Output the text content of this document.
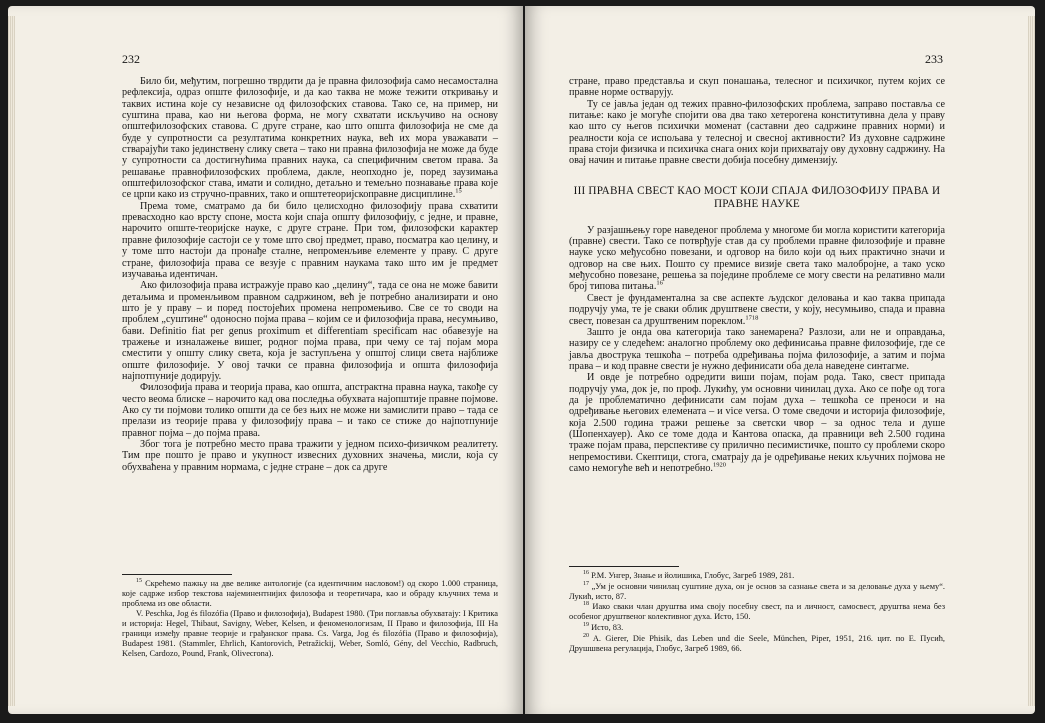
232

Било би, међутим, погрешно тврдити да је правна филозофија само несамостална рефлексија, одраз опште филозофије, и да као таква не може тежити откривању и таквих истина које су независне од филозофских ставова. Тако се, на пример, ни суштина права, као ни његова форма, не могу схватати искључиво на основу општефилозофских ставова. С друге стране, као што општа филозофија не сме да буде у супротности са резултатима конкретних наука, већ их мора уважавати – стварајући тако јединствену слику света – тако ни правна филозофија не може да буде у супротности са достигнућима правних наука, са специфичним светом права. За решавање правнофилозофских проблема, дакле, неопходно је, поред заузимања општефилозофског става, имати и солидно, детаљно и темељно познавање права које се црпи како из стручно-правних, тако и општетеоријскоправне дисциплине.$^{15}$

Према томе, сматрамо да би било целисходно филозофију права схватити превасходно као врсту споне, моста који спаја општу филозофију, с једне, и правне, нарочито опште-теоријске науке, с друге стране. При том, филозофски карактер правне филозофије састоји се у томе што свој предмет, право, посматра као целину, и у томе што настоји да пронађе сталне, непроменљиве елементе у праву. С друге стране, филозофија права се везује с правним наукама тако што им је предмет изучавања идентичан.

Ако филозофија права истражује право као „целину“, тада се она не може бавити детаљима и променљивом правном садржином, већ је потребно анализирати и оно што је у праву – и поред постојећих промена непромењиво. Све се то своди на проблем „суштине“ одоносно појма права – којим се и филозофија права, несумњиво, бави. Definitio fiat per genus proximum et differentiam specificam нас обавезује на тражење и изналажење вишег, родног појма права, при чему се тај појам мора сместити у општу слику света, која је заступљена у општој слици света најближе опште филозофије. У овој тачки се правна филозофија и општа филозофија најпотпуније додирују.

Филозофија права и теорија права, као општа, апстрактна правна наука, такође су често веома блиске – нарочито кад ова последња обухвата најопштије правне појмове. Ако су ти појмови толико општи да се без њих не може ни замислити право – тада се прелази из теорије права у филозофију права – и тако се стиже до најпотпуније правног појма – до појма права.

Због тога је потребно место права тражити у једном психо-физичком реалитету. Тим пре пошто је право и укупност извесних духовних значења, мисли, која су обухваћена у правним нормама, с једне стране – док са друге

$^{15}$ Скрећемо пажњу на две велике антологије (са идентичним насловом!) од скоро 1.000 страница, које садрже избор текстова најеминентнијих филозофа и теоретичара, као и обраду кључних тема и проблема из ове области.

V. Peschka, Jog és filozófia (Право и филозофија), Budapest 1980. (Три поглавља обухватају: I Критика и историја: Hegel, Thibaut, Savigny, Weber, Kelsen, и феноменологизам, II Право и филозофија, III На граници између правне теорије и грађанског права. Cs. Varga, Jog és filozófia (Право и филозофија), Budapest 1981. (Stammler, Ehrlich, Kantorovich, Petražickij, Weber, Somló, Gény, del Vecchio, Radbruch, Kelsen, Cardozo, Pound, Frank, Olivecrona).

233

стране, право представља и скуп понашања, телесног и психичког, путем којих се правне норме остварују.

Ту се јавља један од тежих правно-филозофских проблема, заправо поставља се питање: како је могуће спојити ова два тако хетерогена конститутивна дела у праву као што су његов психички моменат (саставни део садржине правних норми) и реалности која се испољава у телесној и свесној активности? Из духовне садржине права стоји физичка и психичка снага оних који прихватају ову духовну садржину. На овај начин и питање правне свести добија посебну димензију.

III ПРАВНА СВЕСТ КАО МОСТ КОЈИ СПАЈА ФИЛОЗОФИЈУ ПРАВА И ПРАВНЕ НАУКЕ

У разјашњењу горе наведеног проблема у многоме би могла користити категорија (правне) свести. Тако се потврђује став да су проблеми правне филозофије и правне науке уско међусобно повезани, и одговор на било који од њих практично значи и одговор на све њих. Пошто су премисе визије света тако малобројне, а тако уско међусобно повезане, решења за појединe проблеме се могу свести на релативно мали број типова питања.$^{16}$

Свест је фундаментална за све аспекте људског деловања и као таква припада подручју ума, те је сваки облик друштвене свести, у коју, несумњиво, спада и правна свест, повезан са друштвеним пореклом.$^{1718}$

Зашто је онда ова категорија тако занемарена? Разлози, али не и оправдања, назиру се у следећем: аналогно проблему око дефинисања правне филозофије, где се јавља двострука тешкоћа – потреба одређивања појма филозофије, а затим и појма права – и код правне свести је нужно дефинисати оба дела наведене синтагме.

И овде је потребно одредити виши појам, појам рода. Тако, свест припада подручју ума, док је, по проф. Лукићу, ум основни чинилац духа. Ако се пође од тога да је проблематично дефинисати сам појам духа – тешкоћа се преноси и на одређивање његових елемената – и vice versa. О томе сведочи и историја филозофије, која 2.500 година тражи решење за светски чвор – за однос тела и душе (Шопенхауер). Ако се томе дода и Кантова опаска, да правници већ 2.500 година траже појам права, перспективе су прилично песимистичке, пошто су проблеми скоро непремостиви. Скептици, стога, сматрају да је одређивање неких кључних појмова не само немогуће већ и непотребно.$^{1920}$

$^{16}$ Р.М. Унгер, Знање и йолишика, Глобус, Загреб 1989, 281.

$^{17}$ „Ум је основни чинилац суштине духа, он је основ за сазнање света и за деловање духа у њему“. Лукић, исто, 87.

$^{18}$ Иако сваки члан друштва има своју посебну свест, па и личност, самосвест, друштва нема без особеног друштвеног колективног духа. Исто, 150.

$^{19}$ Исто, 83.

$^{20}$ A. Gierer, Die Phisik, das Leben und die Seele, München, Piper, 1951, 216. цит. по Е. Пусић, Друшшвена регулација, Глобус, Загреб 1989, 66.
